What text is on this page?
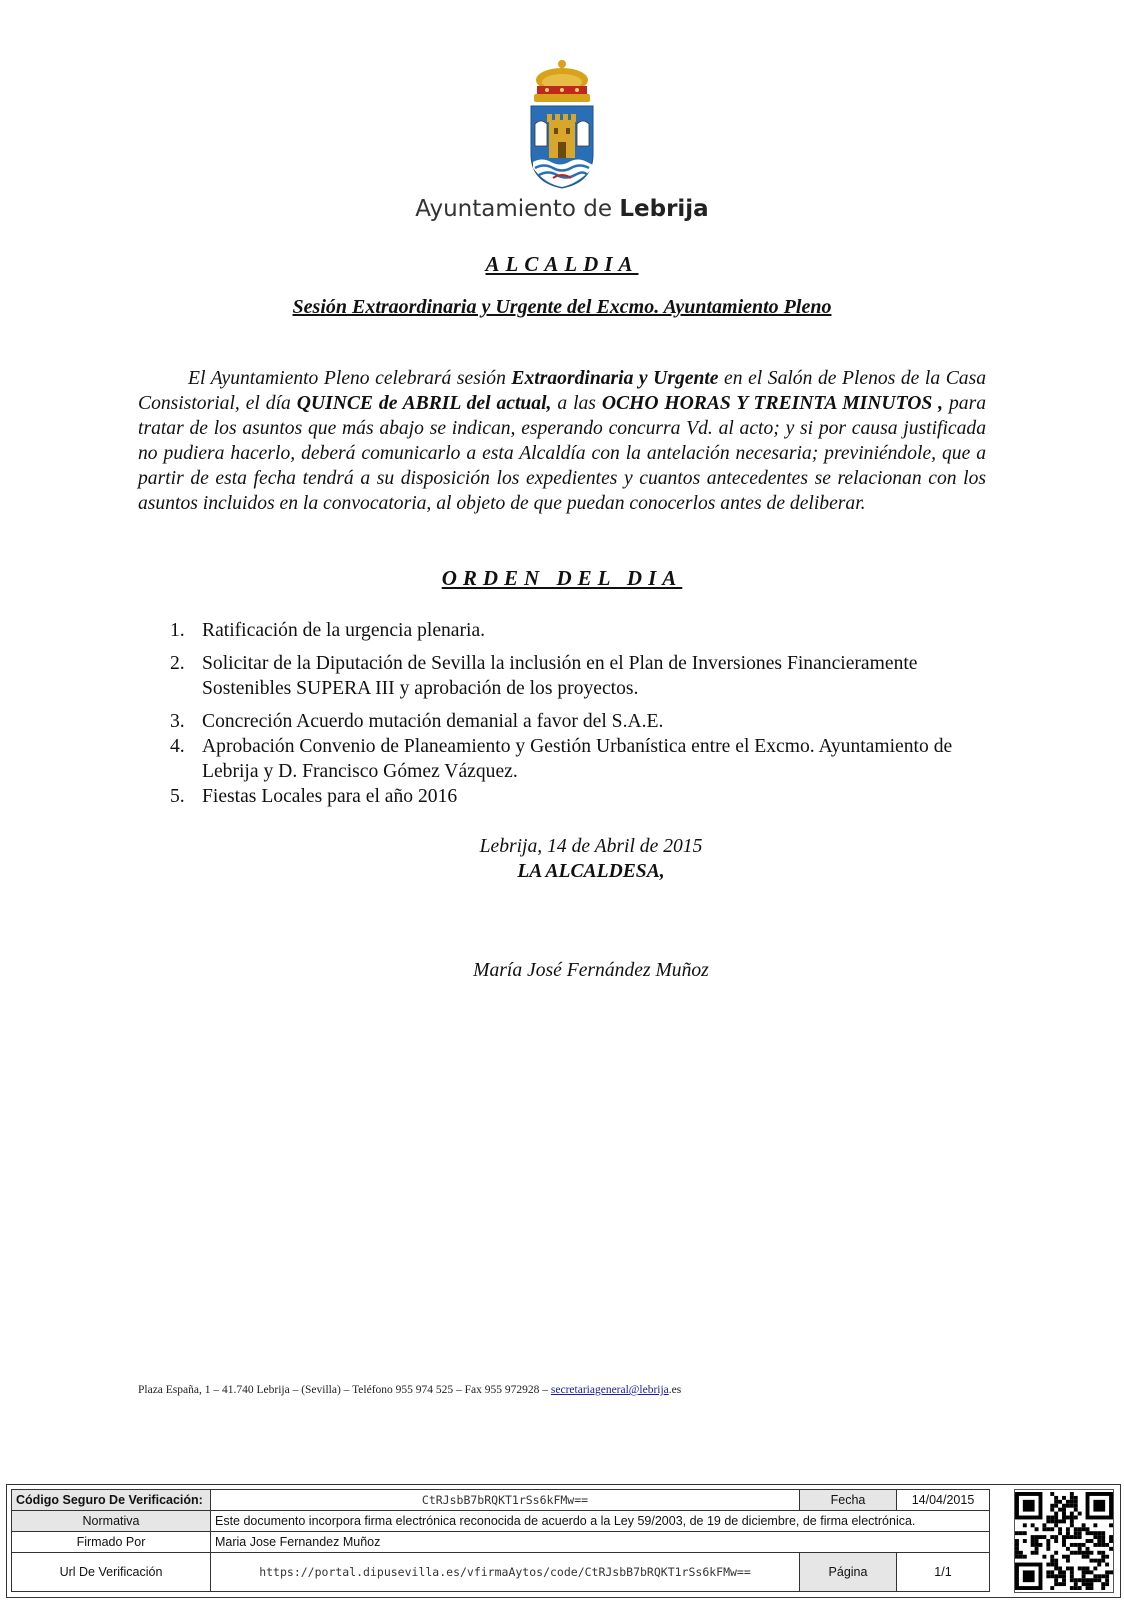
Ayuntamiento de Lebrija
ALCALDIA
Sesión Extraordinaria y Urgente del Excmo. Ayuntamiento Pleno

El Ayuntamiento Pleno celebrará sesión Extraordinaria y Urgente en el Salón de Plenos de la Casa Consistorial, el día QUINCE de ABRIL del actual, a las OCHO HORAS Y TREINTA MINUTOS , para tratar de los asuntos que más abajo se indican, esperando concurra Vd. al acto; y si por causa justificada no pudiera hacerlo, deberá comunicarlo a esta Alcaldía con la antelación necesaria; previniéndole, que a partir de esta fecha tendrá a su disposición los expedientes y cuantos antecedentes se relacionan con los asuntos incluidos en la convocatoria, al objeto de que puedan conocerlos antes de deliberar.

ORDEN DEL DIA
1. Ratificación de la urgencia plenaria.
2. Solicitar de la Diputación de Sevilla la inclusión en el Plan de Inversiones Financieramente Sostenibles SUPERA III y aprobación de los proyectos.
3. Concreción Acuerdo mutación demanial a favor del S.A.E.
4. Aprobación Convenio de Planeamiento y Gestión Urbanística entre el Excmo. Ayuntamiento de Lebrija y D. Francisco Gómez Vázquez.
5. Fiestas Locales para el año 2016
Lebrija, 14 de Abril de 2015
LA ALCALDESA,
María José Fernández Muñoz
Plaza España, 1 – 41.740 Lebrija – (Sevilla) – Teléfono 955 974 525 – Fax 955 972928 – secretariageneral@lebrija.es
Código Seguro De Verificación:	CtRJsbB7bRQKT1rSs6kFMw==	Fecha	14/04/2015
Normativa	Este documento incorpora firma electrónica reconocida de acuerdo a la Ley 59/2003, de 19 de diciembre, de firma electrónica.		
Firmado Por	Maria Jose Fernandez Muñoz		
Url De Verificación	https://portal.dipusevilla.es/vfirmaAytos/code/CtRJsbB7bRQKT1rSs6kFMw==	Página	1/1
